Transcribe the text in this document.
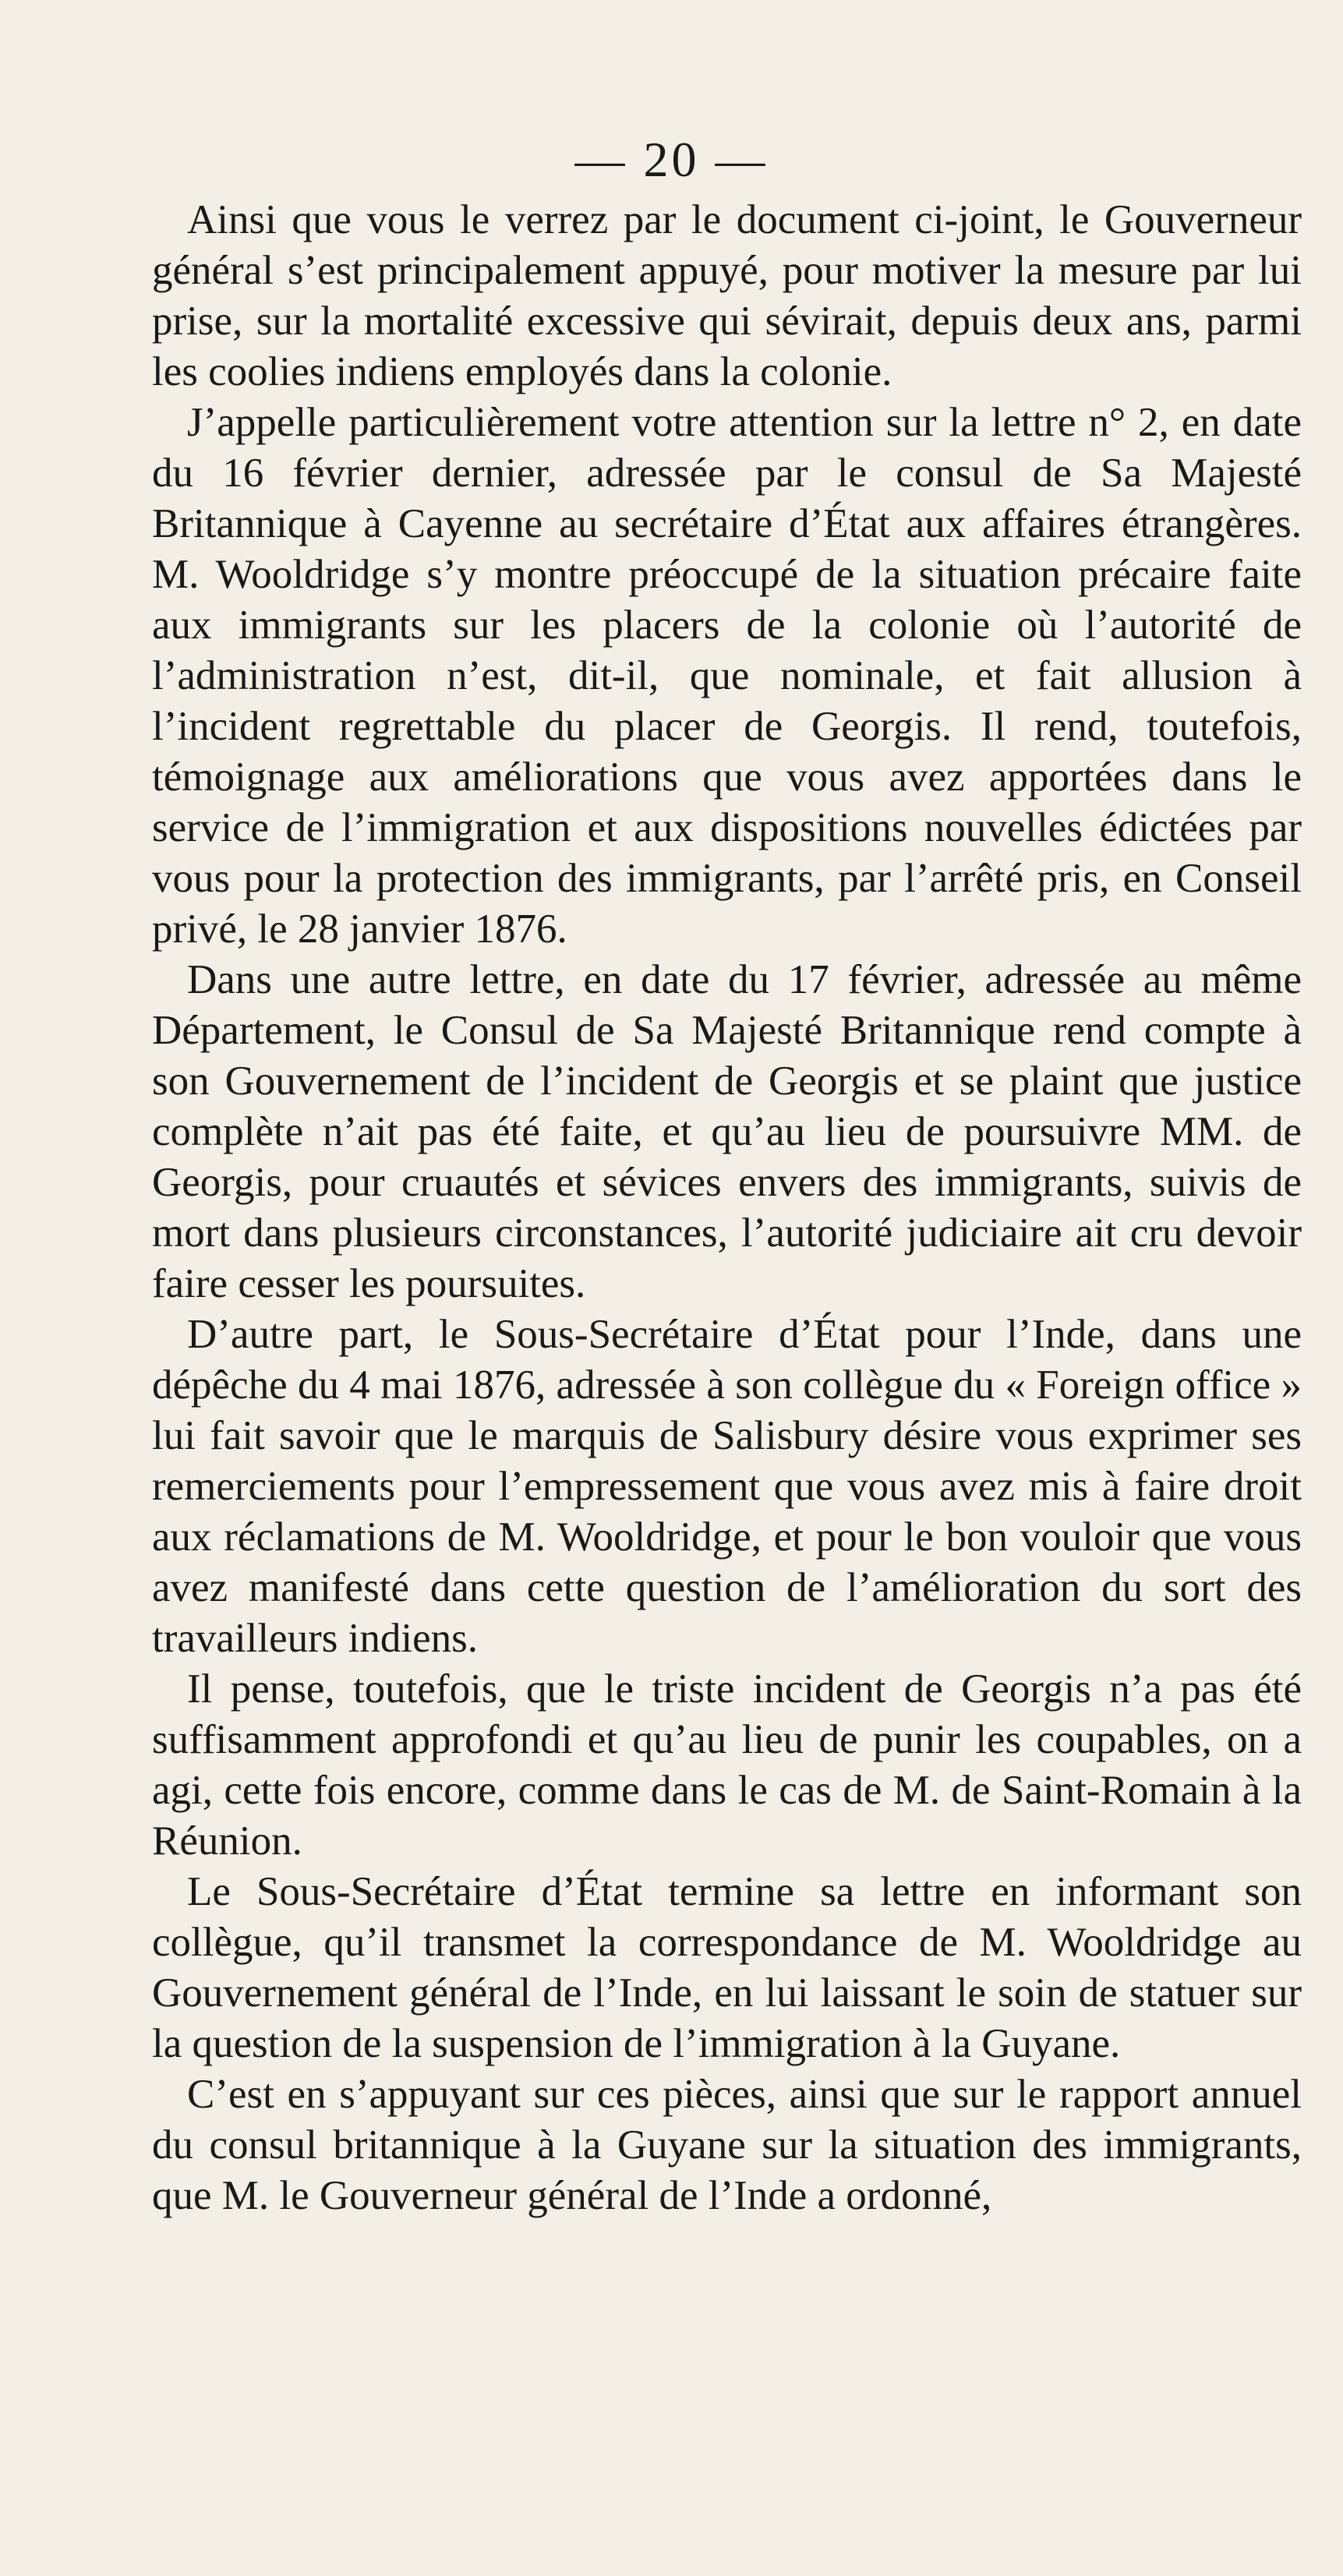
— 20 —

Ainsi que vous le verrez par le document ci-joint, le Gouverneur général s’est principalement appuyé, pour motiver la mesure par lui prise, sur la mortalité excessive qui sévirait, depuis deux ans, parmi les coolies indiens employés dans la colonie.

J’appelle particulièrement votre attention sur la lettre n° 2, en date du 16 février dernier, adressée par le consul de Sa Majesté Britannique à Cayenne au secrétaire d’État aux affaires étrangères. M. Wooldridge s’y montre préoccupé de la situation précaire faite aux immigrants sur les placers de la colonie où l’autorité de l’administration n’est, dit-il, que nominale, et fait allusion à l’incident regrettable du placer de Georgis. Il rend, toutefois, témoignage aux améliorations que vous avez apportées dans le service de l’immigration et aux dispositions nouvelles édictées par vous pour la protection des immigrants, par l’arrêté pris, en Conseil privé, le 28 janvier 1876.

Dans une autre lettre, en date du 17 février, adressée au même Département, le Consul de Sa Majesté Britannique rend compte à son Gouvernement de l’incident de Georgis et se plaint que justice complète n’ait pas été faite, et qu’au lieu de poursuivre MM. de Georgis, pour cruautés et sévices envers des immigrants, suivis de mort dans plusieurs circonstances, l’autorité judiciaire ait cru devoir faire cesser les poursuites.

D’autre part, le Sous-Secrétaire d’État pour l’Inde, dans une dépêche du 4 mai 1876, adressée à son collègue du « Foreign office » lui fait savoir que le marquis de Salisbury désire vous exprimer ses remerciements pour l’empressement que vous avez mis à faire droit aux réclamations de M. Wooldridge, et pour le bon vouloir que vous avez manifesté dans cette question de l’amélioration du sort des travailleurs indiens.

Il pense, toutefois, que le triste incident de Georgis n’a pas été suffisamment approfondi et qu’au lieu de punir les coupables, on a agi, cette fois encore, comme dans le cas de M. de Saint-Romain à la Réunion.

Le Sous-Secrétaire d’État termine sa lettre en informant son collègue, qu’il transmet la correspondance de M. Wooldridge au Gouvernement général de l’Inde, en lui laissant le soin de statuer sur la question de la suspension de l’immigration à la Guyane.

C’est en s’appuyant sur ces pièces, ainsi que sur le rapport annuel du consul britannique à la Guyane sur la situation des immigrants, que M. le Gouverneur général de l’Inde a ordonné,
